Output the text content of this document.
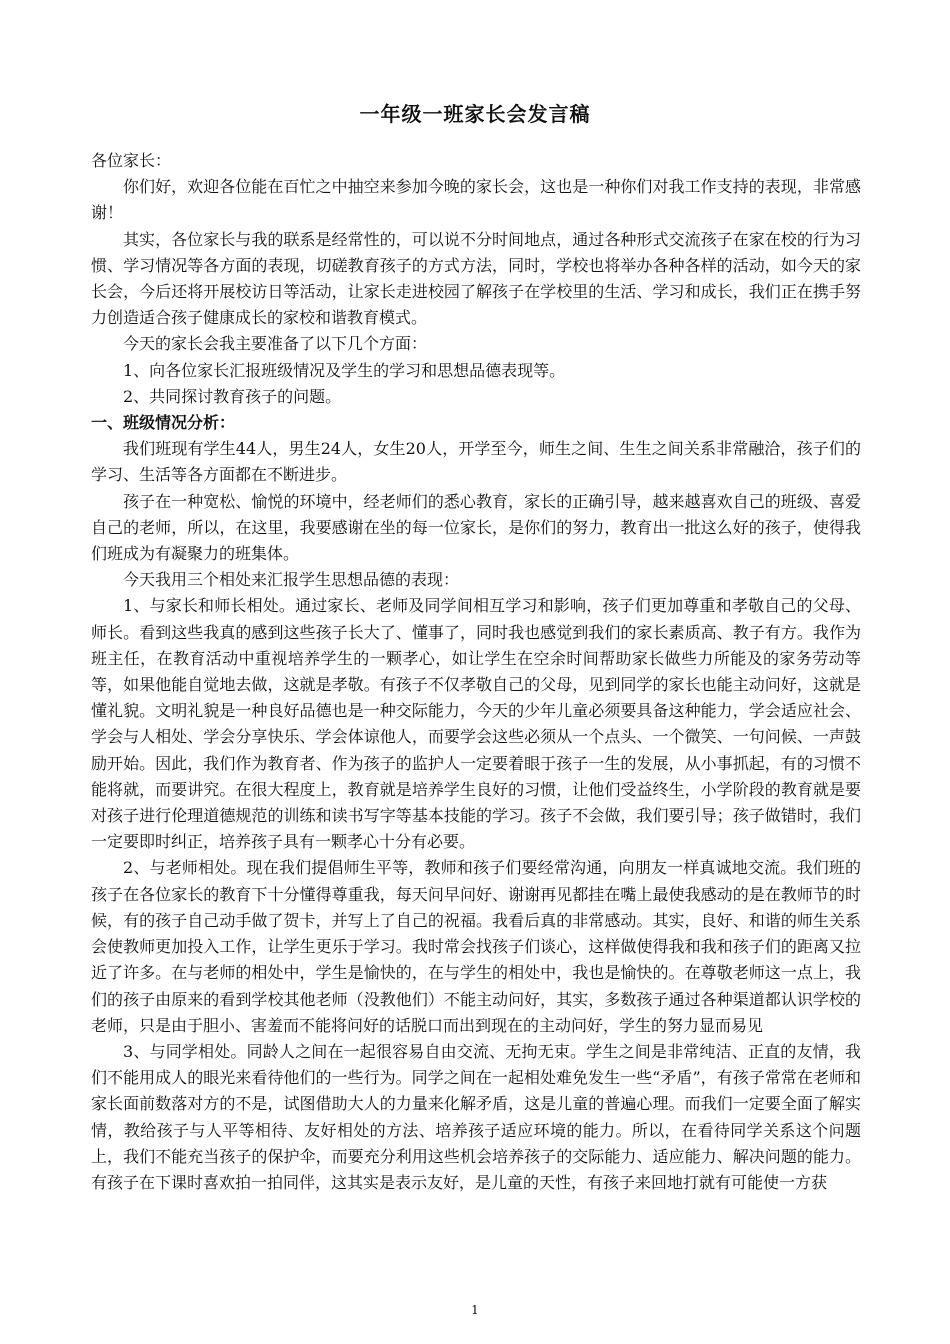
一年级一班家长会发言稿

各位家长：

你们好，欢迎各位能在百忙之中抽空来参加今晚的家长会，这也是一种你们对我工作支持的表现，非常感谢！

其实，各位家长与我的联系是经常性的，可以说不分时间地点，通过各种形式交流孩子在家在校的行为习惯、学习情况等各方面的表现，切磋教育孩子的方式方法，同时，学校也将举办各种各样的活动，如今天的家长会，今后还将开展校访日等活动，让家长走进校园了解孩子在学校里的生活、学习和成长，我们正在携手努力创造适合孩子健康成长的家校和谐教育模式。

今天的家长会我主要准备了以下几个方面：

1、向各位家长汇报班级情况及学生的学习和思想品德表现等。

2、共同探讨教育孩子的问题。

一、班级情况分析：

我们班现有学生44人，男生24人，女生20人，开学至今，师生之间、生生之间关系非常融洽，孩子们的学习、生活等各方面都在不断进步。

孩子在一种宽松、愉悦的环境中，经老师们的悉心教育，家长的正确引导，越来越喜欢自己的班级、喜爱自己的老师，所以，在这里，我要感谢在坐的每一位家长，是你们的努力，教育出一批这么好的孩子，使得我们班成为有凝聚力的班集体。

今天我用三个相处来汇报学生思想品德的表现：

1、与家长和师长相处。通过家长、老师及同学间相互学习和影响，孩子们更加尊重和孝敬自己的父母、师长。看到这些我真的感到这些孩子长大了、懂事了，同时我也感觉到我们的家长素质高、教子有方。我作为班主任，在教育活动中重视培养学生的一颗孝心，如让学生在空余时间帮助家长做些力所能及的家务劳动等等，如果他能自觉地去做，这就是孝敬。有孩子不仅孝敬自己的父母，见到同学的家长也能主动问好，这就是懂礼貌。文明礼貌是一种良好品德也是一种交际能力，今天的少年儿童必须要具备这种能力，学会适应社会、学会与人相处、学会分享快乐、学会体谅他人，而要学会这些必须从一个点头、一个微笑、一句问候、一声鼓励开始。因此，我们作为教育者、作为孩子的监护人一定要着眼于孩子一生的发展，从小事抓起，有的习惯不能将就，而要讲究。在很大程度上，教育就是培养学生良好的习惯，让他们受益终生，小学阶段的教育就是要对孩子进行伦理道德规范的训练和读书写字等基本技能的学习。孩子不会做，我们要引导；孩子做错时，我们一定要即时纠正，培养孩子具有一颗孝心十分有必要。

2、与老师相处。现在我们提倡师生平等，教师和孩子们要经常沟通，向朋友一样真诚地交流。我们班的孩子在各位家长的教育下十分懂得尊重我，每天问早问好、谢谢再见都挂在嘴上最使我感动的是在教师节的时候，有的孩子自己动手做了贺卡，并写上了自己的祝福。我看后真的非常感动。其实，良好、和谐的师生关系会使教师更加投入工作，让学生更乐于学习。我时常会找孩子们谈心，这样做使得我和我和孩子们的距离又拉近了许多。在与老师的相处中，学生是愉快的，在与学生的相处中，我也是愉快的。在尊敬老师这一点上，我们的孩子由原来的看到学校其他老师（没教他们）不能主动问好，其实，多数孩子通过各种渠道都认识学校的老师，只是由于胆小、害羞而不能将问好的话脱口而出到现在的主动问好，学生的努力显而易见

3、与同学相处。同龄人之间在一起很容易自由交流、无拘无束。学生之间是非常纯洁、正直的友情，我们不能用成人的眼光来看待他们的一些行为。同学之间在一起相处难免发生一些“矛盾”，有孩子常常在老师和家长面前数落对方的不是，试图借助大人的力量来化解矛盾，这是儿童的普遍心理。而我们一定要全面了解实情，教给孩子与人平等相待、友好相处的方法、培养孩子适应环境的能力。所以，在看待同学关系这个问题上，我们不能充当孩子的保护伞，而要充分利用这些机会培养孩子的交际能力、适应能力、解决问题的能力。有孩子在下课时喜欢拍一拍同伴，这其实是表示友好，是儿童的天性，有孩子来回地打就有可能使一方获

1
